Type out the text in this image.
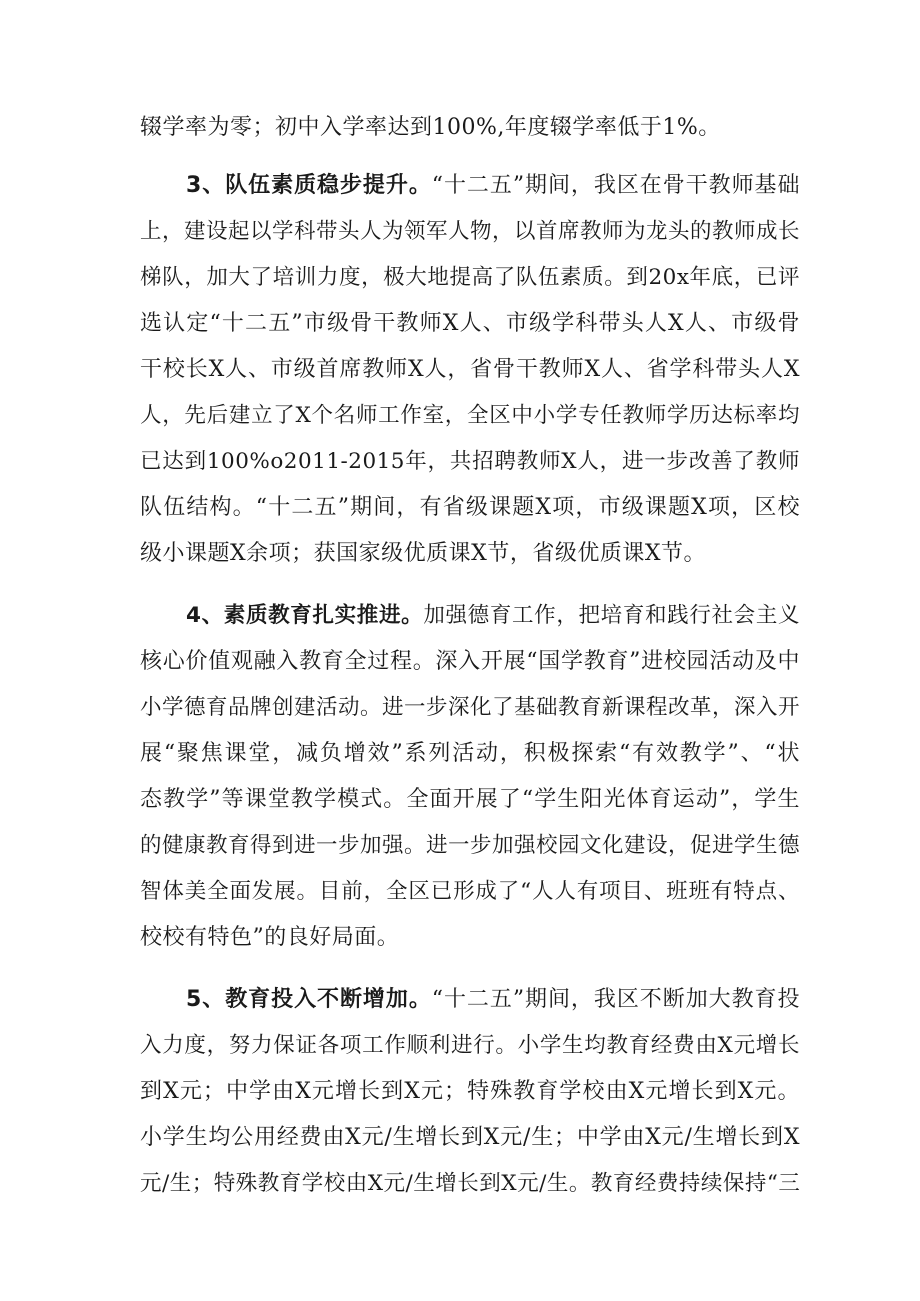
辍学率为零；初中入学率达到100%,年度辍学率低于1%。
3、队伍素质稳步提升。“十二五”期间，我区在骨干教师基础
上，建设起以学科带头人为领军人物，以首席教师为龙头的教师成长
梯队，加大了培训力度，极大地提高了队伍素质。到20x年底，已评
选认定“十二五”市级骨干教师X人、市级学科带头人X人、市级骨
干校长X人、市级首席教师X人，省骨干教师X人、省学科带头人X
人，先后建立了X个名师工作室，全区中小学专任教师学历达标率均
已达到100%o2011-2015年，共招聘教师X人，进一步改善了教师
队伍结构。“十二五”期间，有省级课题X项，市级课题X项，区校
级小课题X余项；获国家级优质课X节，省级优质课X节。
4、素质教育扎实推进。加强德育工作，把培育和践行社会主义
核心价值观融入教育全过程。深入开展“国学教育”进校园活动及中
小学德育品牌创建活动。进一步深化了基础教育新课程改革，深入开
展“聚焦课堂，减负增效”系列活动，积极探索“有效教学”、“状
态教学”等课堂教学模式。全面开展了“学生阳光体育运动”，学生
的健康教育得到进一步加强。进一步加强校园文化建设，促进学生德
智体美全面发展。目前，全区已形成了“人人有项目、班班有特点、
校校有特色”的良好局面。
5、教育投入不断增加。“十二五”期间，我区不断加大教育投
入力度，努力保证各项工作顺利进行。小学生均教育经费由X元增长
到X元；中学由X元增长到X元；特殊教育学校由X元增长到X元。
小学生均公用经费由X元/生增长到X元/生；中学由X元/生增长到X
元/生；特殊教育学校由X元/生增长到X元/生。教育经费持续保持“三
